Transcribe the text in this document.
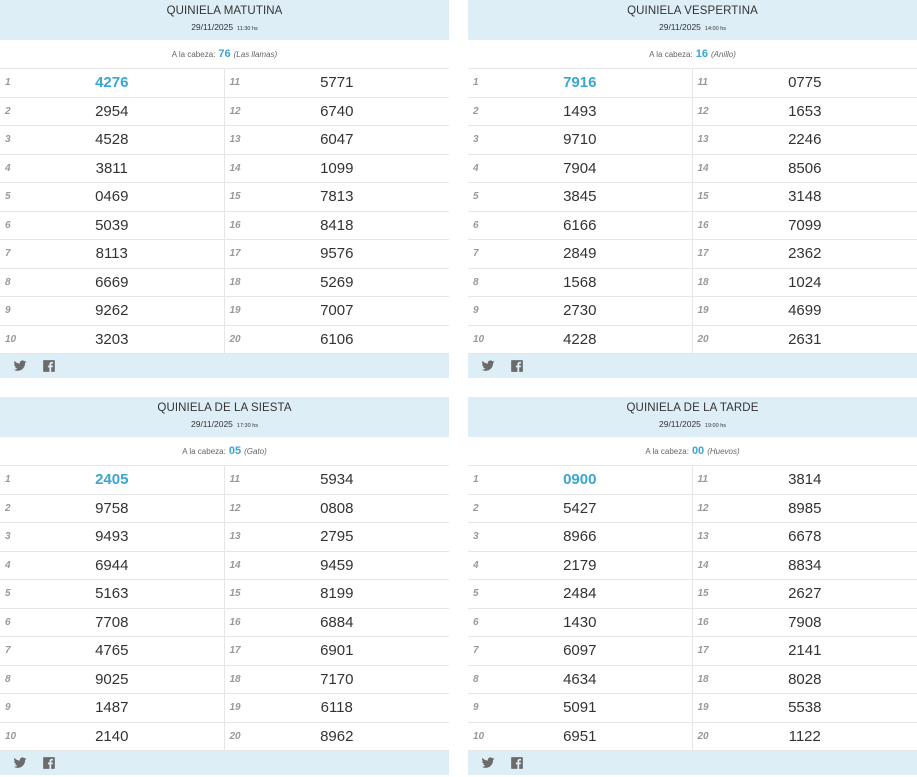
QUINIELA MATUTINA
29/11/2025 11:30 hs
A la cabeza: 76 (Las llamas)
1	4276
2	2954
3	4528
4	3811
5	0469
6	5039
7	8113
8	6669
9	9262
10	3203
11	5771
12	6740
13	6047
14	1099
15	7813
16	8418
17	9576
18	5269
19	7007
20	6106
QUINIELA VESPERTINA
29/11/2025 14:00 hs
A la cabeza: 16 (Anillo)
1	7916
2	1493
3	9710
4	7904
5	3845
6	6166
7	2849
8	1568
9	2730
10	4228
11	0775
12	1653
13	2246
14	8506
15	3148
16	7099
17	2362
18	1024
19	4699
20	2631
QUINIELA DE LA SIESTA
29/11/2025 17:30 hs
A la cabeza: 05 (Gato)
1	2405
2	9758
3	9493
4	6944
5	5163
6	7708
7	4765
8	9025
9	1487
10	2140
11	5934
12	0808
13	2795
14	9459
15	8199
16	6884
17	6901
18	7170
19	6118
20	8962
QUINIELA DE LA TARDE
29/11/2025 19:00 hs
A la cabeza: 00 (Huevos)
1	0900
2	5427
3	8966
4	2179
5	2484
6	1430
7	6097
8	4634
9	5091
10	6951
11	3814
12	8985
13	6678
14	8834
15	2627
16	7908
17	2141
18	8028
19	5538
20	1122
